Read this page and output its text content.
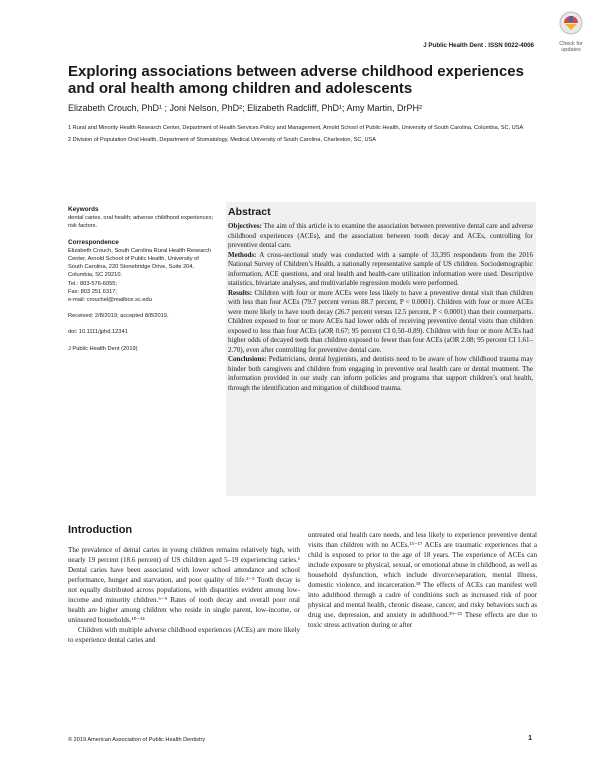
J Public Health Dent . ISSN 0022-4006	Check for
updates
Exploring associations between adverse childhood experiences and oral health among children and adolescents
Elizabeth Crouch, PhD¹ ; Joni Nelson, PhD²; Elizabeth Radcliff, PhD¹; Amy Martin, DrPH²

1 Rural and Minority Health Research Center, Department of Health Services Policy and Management, Arnold School of Public Health, University of South Carolina, Columbia, SC, USA

2 Division of Population Oral Health, Department of Stomatology, Medical University of South Carolina, Charleston, SC, USA

Keywords

dental caries, oral health; adverse childhood experiences; risk factors.

Correspondence

Elizabeth Crouch, South Carolina Rural Health Research Center, Arnold School of Public Health, University of South Carolina, 220 Stonebridge Drive, Suite 204, Columbia, SC 29210.

Tel.: 803-576-6055;

Fax: 803 251 6317;

e-mail: crouchel@mailbox.sc.edu

Received: 2/8/2019; accepted 8/8/2019.

doi: 10.1111/jphd.12341

J Public Health Dent (2019)

Abstract

Objectives: The aim of this article is to examine the association between preventive dental care and adverse childhood experiences (ACEs), and the association between tooth decay and ACEs, controlling for preventive dental care.

Methods: A cross-sectional study was conducted with a sample of 33,395 respondents from the 2016 National Survey of Children’s Health, a nationally representative sample of US children. Sociodemographic information, ACE questions, and oral health and health-care utilization information were used. Descriptive statistics, bivariate analyses, and multivariable regression models were performed.

Results: Children with four or more ACEs were less likely to have a preventive dental visit than children with less than four ACEs (79.7 percent versus 88.7 percent, P < 0.0001). Children with four or more ACEs were more likely to have tooth decay (26.7 percent versus 12.5 percent, P < 0.0001) than their counterparts. Children exposed to four or more ACEs had lower odds of receiving preventive dental visits than children exposed to less than four ACEs (aOR 0.67; 95 percent CI 0.50–0.89). Children with four or more ACEs had higher odds of decayed teeth than children exposed to fewer than four ACEs (aOR 2.08; 95 percent CI 1.61–2.70), even after controlling for preventive dental care.

Conclusions: Pediatricians, dental hygienists, and dentists need to be aware of how childhood trauma may hinder both caregivers and children from engaging in preventive oral health care or dental treatment. The information provided in our study can inform policies and programs that support children’s oral health, through the identification and mitigation of childhood trauma.

Introduction

The prevalence of dental caries in young children remains relatively high, with nearly 19 percent (18.6 percent) of US children aged 5–19 experiencing caries.¹ Dental caries have been associated with lower school attendance and school performance, hunger and starvation, and poor quality of life.²⁻⁵ Tooth decay is not equally distributed across populations, with disparities evident among low-income and minority children.⁶⁻⁹ Rates of tooth decay and overall poor oral health are higher among children who reside in single parent, low-income, or uninsured households.¹⁰⁻¹⁴

Children with multiple adverse childhood experiences (ACEs) are more likely to experience dental caries and

untreated oral health care needs, and less likely to experience preventive dental visits than children with no ACEs.¹⁵⁻¹⁷ ACEs are traumatic experiences that a child is exposed to prior to the age of 18 years. The experience of ACEs can include exposure to physical, sexual, or emotional abuse in childhood, as well as household dysfunction, which include divorce/separation, mental illness, domestic violence, and incarceration.¹⁸ The effects of ACEs can manifest well into adulthood through a cadre of conditions such as increased risk of poor physical and mental health, chronic disease, cancer, and risky behaviors such as drug use, depression, and anxiety in adulthood.¹⁹⁻²⁵ These effects are due to toxic stress activation during or after

© 2019 American Association of Public Health Dentistry	1
